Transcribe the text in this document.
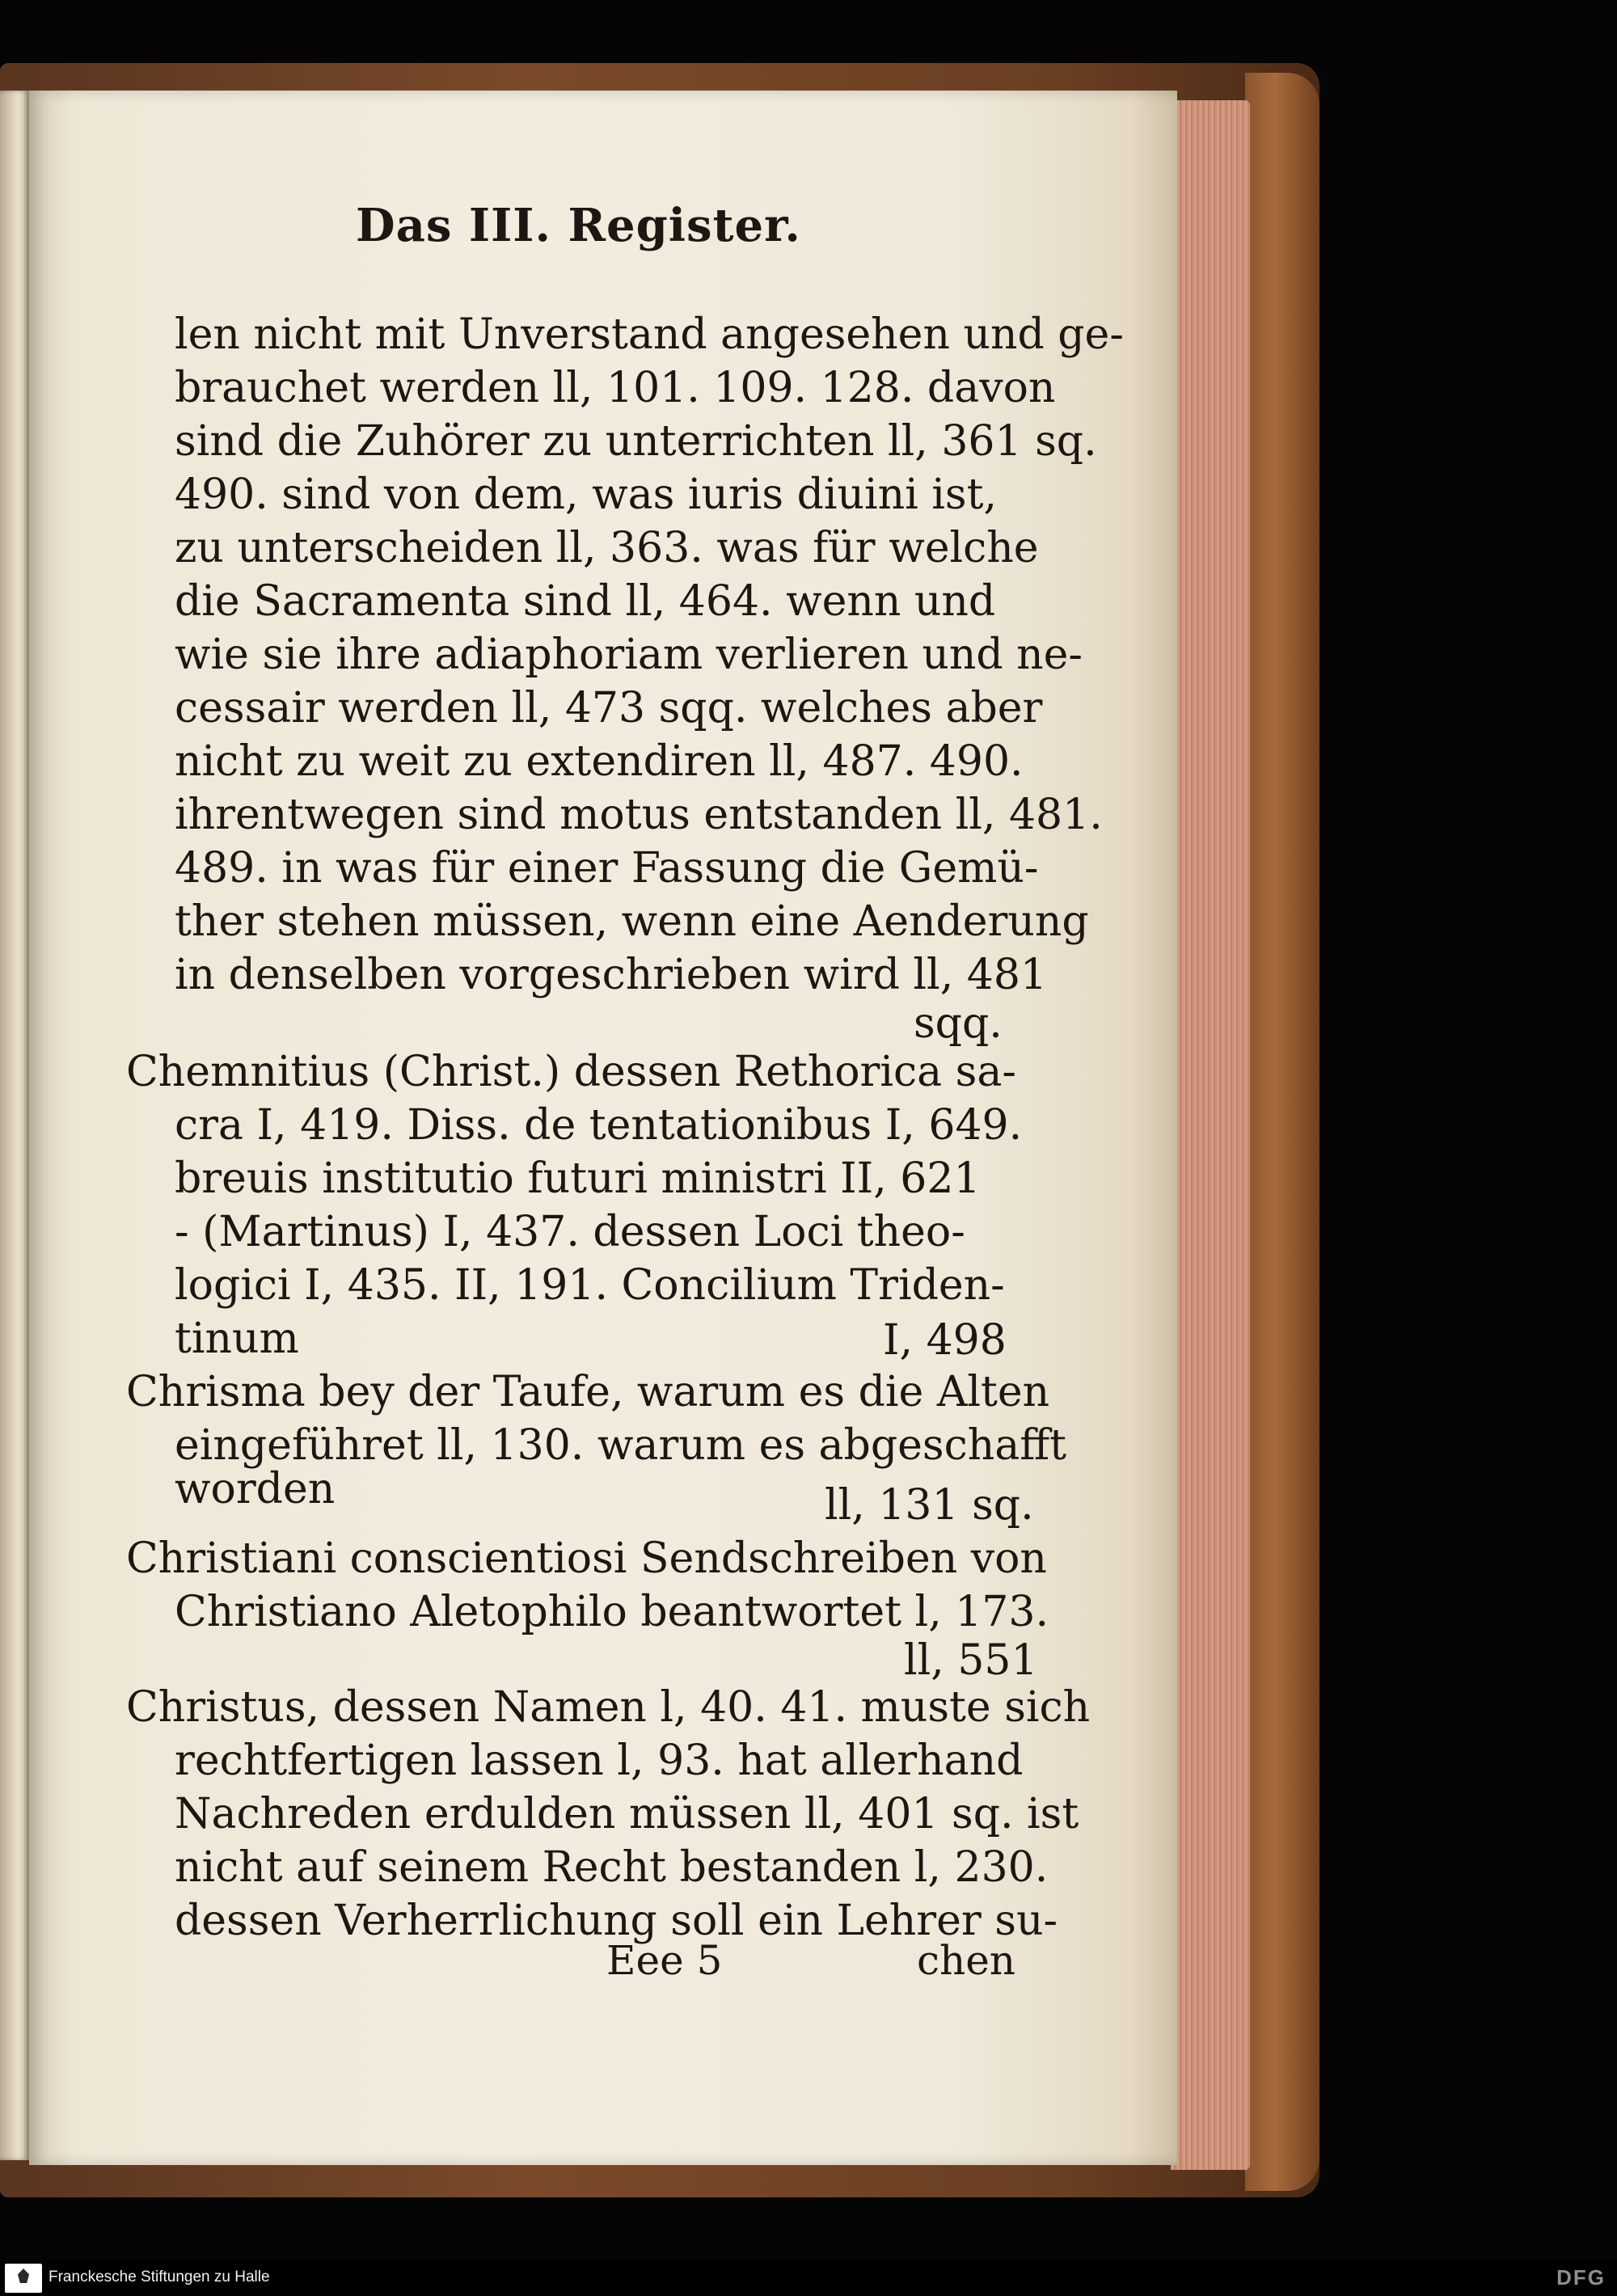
Das III. Register.
len nicht mit Unverstand angesehen und ge-
brauchet werden ll, 101. 109. 128. davon
sind die Zuhörer zu unterrichten ll, 361 sq.
490. sind von dem, was iuris diuini ist,
zu unterscheiden ll, 363. was für welche
die Sacramenta sind ll, 464. wenn und
wie sie ihre adiaphoriam verlieren und ne-
cessair werden ll, 473 sqq. welches aber
nicht zu weit zu extendiren ll, 487. 490.
ihrentwegen sind motus entstanden ll, 481.
489. in was für einer Fassung die Gemü-
ther stehen müssen, wenn eine Aenderung
in denselben vorgeschrieben wird ll, 481
sqq.
Chemnitius (Christ.) dessen Rethorica sa-
cra I, 419. Diss. de tentationibus I, 649.
breuis institutio futuri ministri II, 621
- (Martinus) I, 437. dessen Loci theo-
logici I, 435. II, 191. Concilium Triden-
tinum	I, 498
Chrisma bey der Taufe, warum es die Alten
eingeführet ll, 130. warum es abgeschafft
worden	ll, 131 sq.
Christiani conscientiosi Sendschreiben von
Christiano Aletophilo beantwortet l, 173.
ll, 551
Christus, dessen Namen l, 40. 41. muste sich
rechtfertigen lassen l, 93. hat allerhand
Nachreden erdulden müssen ll, 401 sq. ist
nicht auf seinem Recht bestanden l, 230.
dessen Verherrlichung soll ein Lehrer su-
Eee 5	chen
Franckesche Stiftungen zu Halle	DFG
